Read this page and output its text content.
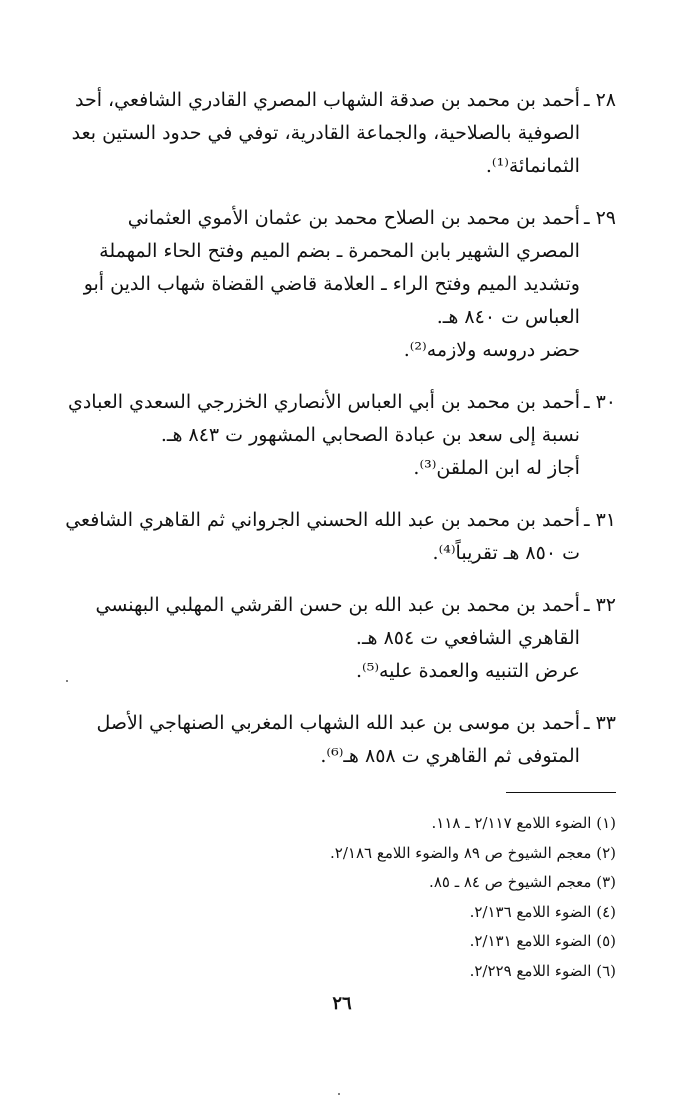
٢٨ ـ
أحمد بن محمد بن صدقة الشهاب المصري القادري الشافعي، أحد
الصوفية بالصلاحية، والجماعة القادرية، توفي في حدود الستين بعد
الثمانمائة⁽¹⁾.
٢٩ ـ
أحمد بن محمد بن الصلاح محمد بن عثمان الأموي العثماني
المصري الشهير بابن المحمرة ـ بضم الميم وفتح الحاء المهملة
وتشديد الميم وفتح الراء ـ العلامة قاضي القضاة شهاب الدين أبو
العباس ت ٨٤٠ هـ.
حضر دروسه ولازمه⁽²⁾.
٣٠ ـ
أحمد بن محمد بن أبي العباس الأنصاري الخزرجي السعدي العبادي
نسبة إلى سعد بن عبادة الصحابي المشهور ت ٨٤٣ هـ.
أجاز له ابن الملقن⁽³⁾.
٣١ ـ
أحمد بن محمد بن عبد الله الحسني الجرواني ثم القاهري الشافعي
ت ٨٥٠ هـ تقريباً⁽⁴⁾.
٣٢ ـ
أحمد بن محمد بن عبد الله بن حسن القرشي المهلبي البهنسي
القاهري الشافعي ت ٨٥٤ هـ.
عرض التنبيه والعمدة عليه⁽⁵⁾.
٣٣ ـ
أحمد بن موسى بن عبد الله الشهاب المغربي الصنهاجي الأصل
المتوفى ثم القاهري ت ٨٥٨ هـ⁽⁶⁾.
(١) الضوء اللامع ٢/١١٧ ـ ١١٨.
(٢) معجم الشيوخ ص ٨٩ والضوء اللامع ٢/١٨٦.
(٣) معجم الشيوخ ص ٨٤ ـ ٨٥.
(٤) الضوء اللامع ٢/١٣٦.
(٥) الضوء اللامع ٢/١٣١.
(٦) الضوء اللامع ٢/٢٢٩.
٢٦
